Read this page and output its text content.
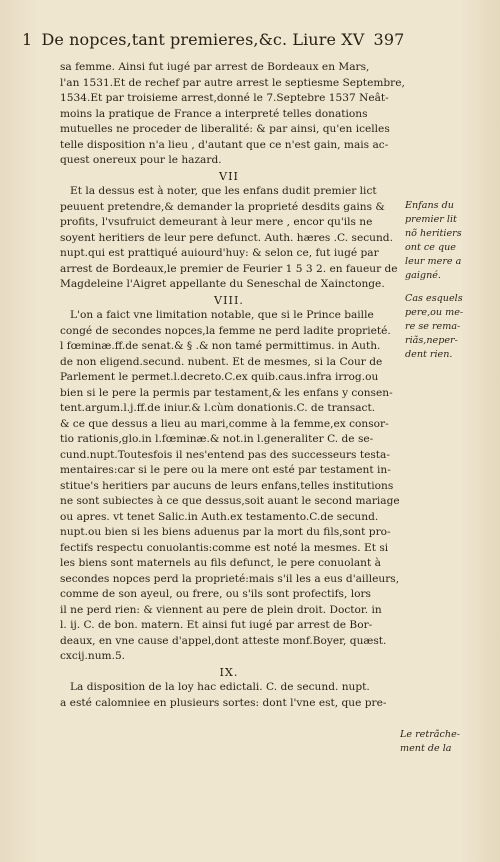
1 De nopces,tant premieres,&c. Liure XV 397

sa femme. Ainsi fut iugé par arrest de Bordeaux en Mars,

l'an 1531.Et de rechef par autre arrest le septiesme Septembre,

1534.Et par troisieme arrest,donné le 7.Septebre 1537 Neât-

moins la pratique de France a interpreté telles donations

mutuelles ne proceder de liberalité: & par ainsi, qu'en icelles

telle disposition n'a lieu , d'autant que ce n'est gain, mais ac-

quest onereux pour le hazard.

VII

Et la dessus est à noter, que les enfans dudit premier lict

peuuent pretendre,& demander la proprieté desdits gains &

profits, l'vsufruict demeurant à leur mere , encor qu'ils ne

soyent heritiers de leur pere defunct. Auth. hæres .C. secund.

nupt.qui est prattiqué auiourd'huy: & selon ce, fut iugé par

arrest de Bordeaux,le premier de Feurier 1 5 3 2. en faueur de

Magdeleine l'Aigret appellante du Seneschal de Xainctonge.

VIII.

L'on a faict vne limitation notable, que si le Prince baille

congé de secondes nopces,la femme ne perd ladite proprieté.

l fœminæ.ff.de senat.& § .& non tamé permittimus. in Auth.

de non eligend.secund. nubent. Et de mesmes, si la Cour de

Parlement le permet.l.decreto.C.ex quib.caus.infra irrog.ou

bien si le pere la permis par testament,& les enfans y consen-

tent.argum.l.j.ff.de iniur.& l.cùm donationis.C. de transact.

& ce que dessus a lieu au mari,comme à la femme,ex consor-

tio rationis,glo.in l.fœminæ.& not.in l.generaliter C. de se-

cund.nupt.Toutesfois il nes'entend pas des successeurs testa-

mentaires:car si le pere ou la mere ont esté par testament in-

stitue's heritiers par aucuns de leurs enfans,telles institutions

ne sont subiectes à ce que dessus,soit auant le second mariage

ou apres. vt tenet Salic.in Auth.ex testamento.C.de secund.

nupt.ou bien si les biens aduenus par la mort du fils,sont pro-

fectifs respectu conuolantis:comme est noté la mesmes. Et si

les biens sont maternels au fils defunct, le pere conuolant à

secondes nopces perd la proprieté:mais s'il les a eus d'ailleurs,

comme de son ayeul, ou frere, ou s'ils sont profectifs, lors

il ne perd rien: & viennent au pere de plein droit. Doctor. in

l. ij. C. de bon. matern. Et ainsi fut iugé par arrest de Bor-

deaux, en vne cause d'appel,dont atteste monf.Boyer, quæst.

cxcij.num.5.

IX.

La disposition de la loy hac edictali. C. de secund. nupt.

a esté calomniee en plusieurs sortes: dont l'vne est, que pre-

Enfans du

premier lit

nõ heritiers

ont ce que

leur mere a

gaigné.

Cas esquels

pere,ou me-

re se rema-

riãs,neper-

dent rien.

Le retrãche-

ment de la
